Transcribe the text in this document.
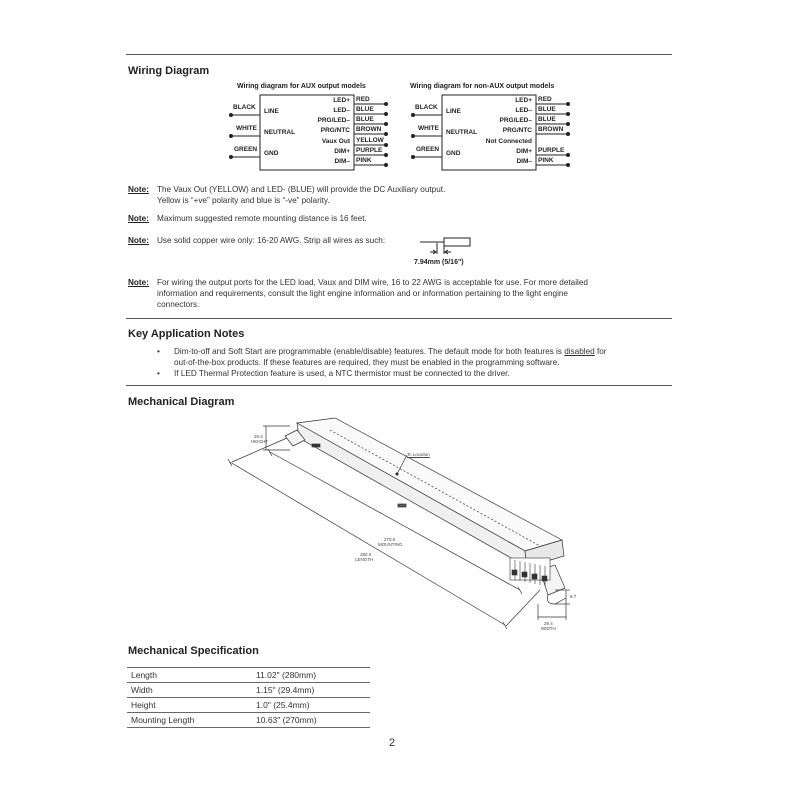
Wiring Diagram
Wiring diagram for AUX output models	Wiring diagram for non-AUX output models
BLACK
LINE
WHITE
NEUTRAL
GREEN
GND
LED+
LED–
PRG/LED–
PRG/NTC
Vaux Out
DIM+
DIM–
RED
BLUE
BLUE
BROWN
YELLOW
PURPLE
PINK
BLACK
LINE
WHITE
NEUTRAL
GREEN
GND
LED+
LED–
PRG/LED–
PRG/NTC
Not Connected
DIM+
DIM–
RED
BLUE
BLUE
BROWN
PURPLE
PINK
Note: The Vaux Out (YELLOW) and LED- (BLUE) will provide the DC Auxiliary output.
Yellow is “+ve” polarity and blue is “-ve” polarity.
Note: Maximum suggested remote mounting distance is 16 feet.
Note: Use solid copper wire only: 16-20 AWG. Strip all wires as such:
7.94mm (5/16")
Note: For wiring the output ports for the LED load, Vaux and DIM wire, 16 to 22 AWG is acceptable for use. For more detailed
information and requirements, consult the light engine information and or information pertaining to the light engine
connectors.
Key Application Notes
• Dim-to-off and Soft Start are programmable (enable/disable) features. The default mode for both features is disabled for
out-of-the-box products. If these features are required, they must be enabled in the programming software.
• If LED Thermal Protection feature is used, a NTC thermistor must be connected to the driver.
Mechanical Diagram
25.4
HEIGHT
Tc Location
270.0
MOUNTING
280.0
LENGTH
8.7
29.4
WIDTH
Mechanical Specification
Length	11.02" (280mm)
Width	1.15" (29.4mm)
Height	1.0" (25.4mm)
Mounting Length	10.63" (270mm)
2
